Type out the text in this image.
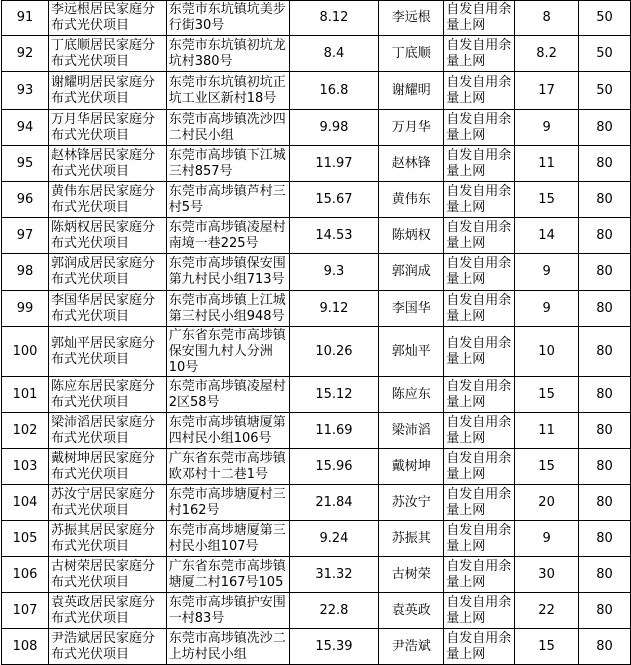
91	李远根居民家庭分布式光伏项目	东莞市东坑镇坑美步行街30号	8.12	李远根	自发自用余量上网	8	50
92	丁底顺居民家庭分布式光伏项目	东莞市东坑镇初坑龙坑村380号	8.4	丁底顺	自发自用余量上网	8.2	50
93	谢耀明居民家庭分布式光伏项目	东莞市东坑镇初坑正坑工业区新村18号	16.8	谢耀明	自发自用余量上网	17	50
94	万月华居民家庭分布式光伏项目	东莞市高埗镇冼沙四二村民小组	9.98	万月华	自发自用余量上网	9	80
95	赵林锋居民家庭分布式光伏项目	东莞市高埗镇下江城三村857号	11.97	赵林锋	自发自用余量上网	11	80
96	黄伟东居民家庭分布式光伏项目	东莞市高埗镇芦村三村5号	15.67	黄伟东	自发自用余量上网	15	80
97	陈炳权居民家庭分布式光伏项目	东莞市高埗镇凌屋村南境一巷225号	14.53	陈炳权	自发自用余量上网	14	80
98	郭润成居民家庭分布式光伏项目	东莞市高埗镇保安围第九村民小组713号	9.3	郭润成	自发自用余量上网	9	80
99	李国华居民家庭分布式光伏项目	东莞市高埗镇上江城第三村民小组948号	9.12	李国华	自发自用余量上网	9	80
100	郭灿平居民家庭分布式光伏项目	广东省东莞市高埗镇保安围九村人分洲10号	10.26	郭灿平	自发自用余量上网	10	80
101	陈应东居民家庭分布式光伏项目	东莞市高埗镇凌屋村2区58号	15.12	陈应东	自发自用余量上网	15	80
102	梁沛滔居民家庭分布式光伏项目	东莞市高埗镇塘厦第四村民小组106号	11.69	梁沛滔	自发自用余量上网	11	80
103	戴树坤居民家庭分布式光伏项目	广东省东莞市高埗镇欧邓村十二巷1号	15.96	戴树坤	自发自用余量上网	15	80
104	苏汝宁居民家庭分布式光伏项目	东莞市高埗塘厦村三村162号	21.84	苏汝宁	自发自用余量上网	20	80
105	苏振其居民家庭分布式光伏项目	东莞市高埗塘厦第三村民小组107号	9.24	苏振其	自发自用余量上网	9	80
106	古树荣居民家庭分布式光伏项目	广东省东莞市高埗镇塘厦二村167号105	31.32	古树荣	自发自用余量上网	30	80
107	袁英政居民家庭分布式光伏项目	东莞市高埗镇护安围一村83号	22.8	袁英政	自发自用余量上网	22	80
108	尹浩斌居民家庭分布式光伏项目	东莞市高埗镇冼沙二上坊村民小组	15.39	尹浩斌	自发自用余量上网	15	80
